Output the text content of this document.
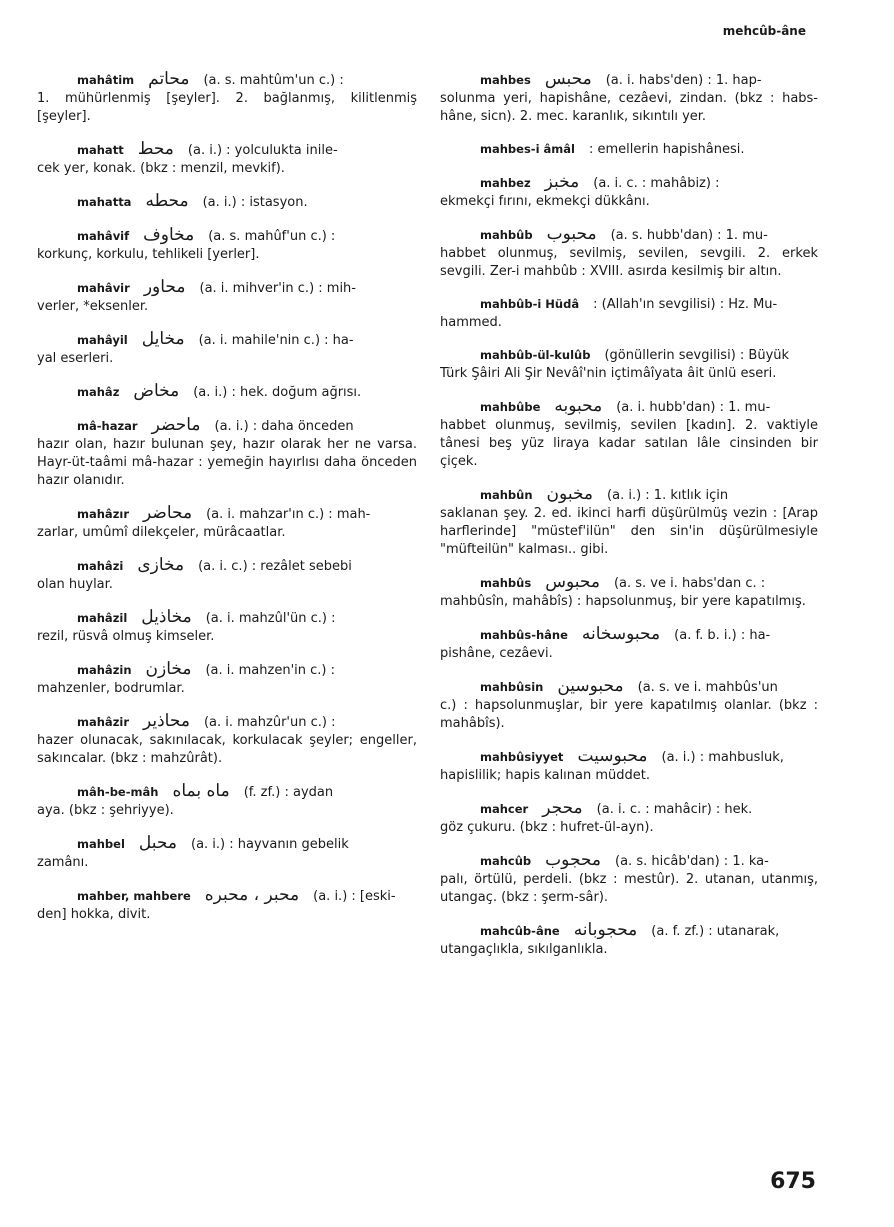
mehcûb-âne
mahâtim محاتم (a. s. mahtûm'un c.) :
1. mühürlenmiş [şeyler]. 2. bağlanmış, kilitlenmiş [şeyler].
mahatt محط (a. i.) : yolculukta inile-
cek yer, konak. (bkz : menzil, mevkif).
mahatta محطه (a. i.) : istasyon.
mahâvif مخاوف (a. s. mahûf'un c.) :
korkunç, korkulu, tehlikeli [yerler].
mahâvir محاور (a. i. mihver'in c.) : mih-
verler, *eksenler.
mahâyil مخايل (a. i. mahile'nin c.) : ha-
yal eserleri.
mahâz مخاض (a. i.) : hek. doğum ağrısı.
mâ-hazar ماحضر (a. i.) : daha önceden
hazır olan, hazır bulunan şey, hazır olarak her ne varsa. Hayr-üt-taâmi mâ-hazar : yemeğin hayırlısı daha önceden hazır olanıdır.
mahâzır محاضر (a. i. mahzar'ın c.) : mah-
zarlar, umûmî dilekçeler, mürâcaatlar.
mahâzi مخازی (a. i. c.) : rezâlet sebebi
olan huylar.
mahâzil مخاذیل (a. i. mahzûl'ün c.) :
rezil, rüsvâ olmuş kimseler.
mahâzin مخازن (a. i. mahzen'in c.) :
mahzenler, bodrumlar.
mahâzir محاذیر (a. i. mahzûr'un c.) :
hazer olunacak, sakınılacak, korkulacak şeyler; engeller, sakıncalar. (bkz : mahzûrât).
mâh-be-mâh ماه بماه (f. zf.) : aydan
aya. (bkz : şehriyye).
mahbel محبل (a. i.) : hayvanın gebelik
zamânı.
mahber, mahbere محبر ، محبره (a. i.) : [eski-
den] hokka, divit.
mahbes محبس (a. i. habs'den) : 1. hap-
solunma yeri, hapishâne, cezâevi, zindan. (bkz : habs-hâne, sicn). 2. mec. karanlık, sıkıntılı yer.
mahbes-i âmâl : emellerin hapishânesi.
mahbez مخبز (a. i. c. : mahâbiz) :
ekmekçi fırını, ekmekçi dükkânı.
mahbûb محبوب (a. s. hubb'dan) : 1. mu-
habbet olunmuş, sevilmiş, sevilen, sevgili. 2. erkek sevgili. Zer-i mahbûb : XVIII. asırda kesilmiş bir altın.
mahbûb-i Hüdâ : (Allah'ın sevgilisi) : Hz. Mu-
hammed.
mahbûb-ül-kulûb (gönüllerin sevgilisi) : Büyük
Türk Şâiri Ali Şir Nevâî'nin içtimâîyata âit ünlü eseri.
mahbûbe محبوبه (a. i. hubb'dan) : 1. mu-
habbet olunmuş, sevilmiş, sevilen [kadın]. 2. vaktiyle tânesi beş yüz liraya kadar satılan lâle cinsinden bir çiçek.
mahbûn مخبون (a. i.) : 1. kıtlık için
saklanan şey. 2. ed. ikinci harfi düşürülmüş vezin : [Arap harflerinde] "müstef'ilün" den sin'in düşürülmesiyle "müfteilün" kalması.. gibi.
mahbûs محبوس (a. s. ve i. habs'dan c. :
mahbûsîn, mahâbîs) : hapsolunmuş, bir yere kapatılmış.
mahbûs-hâne محبوسخانه (a. f. b. i.) : ha-
pishâne, cezâevi.
mahbûsin محبوسين (a. s. ve i. mahbûs'un
c.) : hapsolunmuşlar, bir yere kapatılmış olanlar. (bkz : mahâbîs).
mahbûsiyyet محبوسيت (a. i.) : mahbusluk,
hapislilik; hapis kalınan müddet.
mahcer محجر (a. i. c. : mahâcir) : hek.
göz çukuru. (bkz : hufret-ül-ayn).
mahcûb محجوب (a. s. hicâb'dan) : 1. ka-
palı, örtülü, perdeli. (bkz : mestûr). 2. utanan, utanmış, utangaç. (bkz : şerm-sâr).
mahcûb-âne محجوبانه (a. f. zf.) : utanarak,
utangaçlıkla, sıkılganlıkla.
675
